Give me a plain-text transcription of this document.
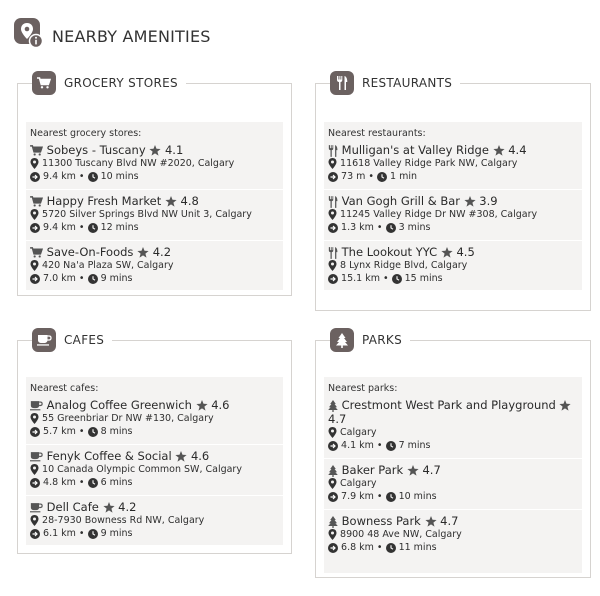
NEARBY AMENITIES
GROCERY STORES
Nearest grocery stores:
Sobeys - Tuscany 4.1

11300 Tuscany Blvd NW #2020, Calgary

9.4 km •
10 mins
Happy Fresh Market 4.8

5720 Silver Springs Blvd NW Unit 3, Calgary

9.4 km •
12 mins
Save-On-Foods 4.2

420 Na'a Plaza SW, Calgary

7.0 km •
9 mins
RESTAURANTS
Nearest restaurants:
Mulligan's at Valley Ridge 4.4

11618 Valley Ridge Park NW, Calgary

73 m •
1 min
Van Gogh Grill & Bar 3.9

11245 Valley Ridge Dr NW #308, Calgary

1.3 km •
3 mins
The Lookout YYC 4.5

8 Lynx Ridge Blvd, Calgary

15.1 km •
15 mins
CAFES
Nearest cafes:
Analog Coffee Greenwich 4.6

55 Greenbriar Dr NW #130, Calgary

5.7 km •
8 mins
Fenyk Coffee & Social 4.6

10 Canada Olympic Common SW, Calgary

4.8 km •
6 mins
Dell Cafe 4.2

28-7930 Bowness Rd NW, Calgary

6.1 km •
9 mins
PARKS
Nearest parks:
Crestmont West Park and Playground
4.7

Calgary

4.1 km •
7 mins
Baker Park 4.7

Calgary

7.9 km •
10 mins
Bowness Park 4.7

8900 48 Ave NW, Calgary

6.8 km •
11 mins
